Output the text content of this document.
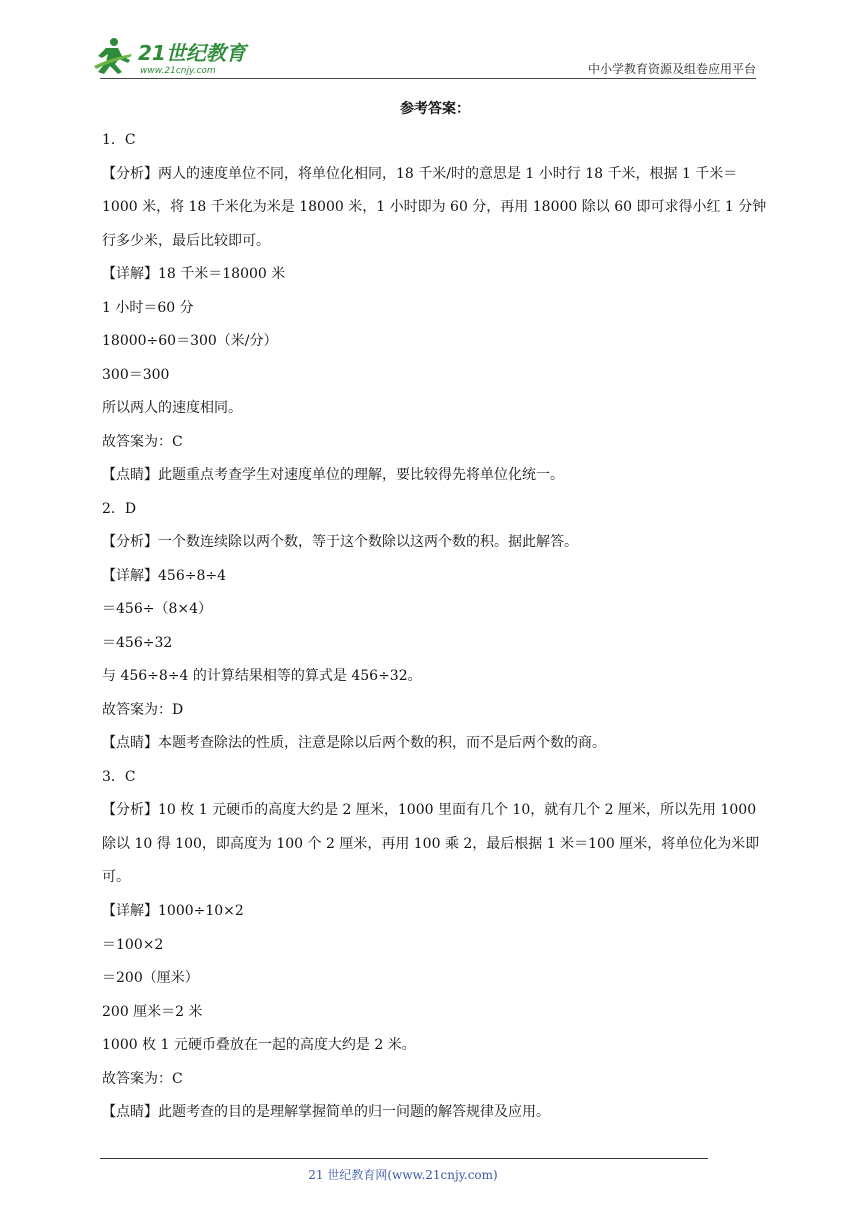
21世纪教育
www.21cnjy.com	中小学教育资源及组卷应用平台
参考答案：
1．C
【分析】两人的速度单位不同，将单位化相同，18 千米/时的意思是 1 小时行 18 千米，根据 1 千米＝1000 米，将 18 千米化为米是 18000 米，1 小时即为 60 分，再用 18000 除以 60 即可求得小红 1 分钟行多少米，最后比较即可。
【详解】18 千米＝18000 米
1 小时＝60 分
18000÷60＝300（米/分）
300＝300
所以两人的速度相同。
故答案为：C
【点睛】此题重点考查学生对速度单位的理解，要比较得先将单位化统一。
2．D
【分析】一个数连续除以两个数，等于这个数除以这两个数的积。据此解答。
【详解】456÷8÷4
＝456÷（8×4）
＝456÷32
与 456÷8÷4 的计算结果相等的算式是 456÷32。
故答案为：D
【点睛】本题考查除法的性质，注意是除以后两个数的积，而不是后两个数的商。
3．C
【分析】10 枚 1 元硬币的高度大约是 2 厘米，1000 里面有几个 10，就有几个 2 厘米，所以先用 1000 除以 10 得 100，即高度为 100 个 2 厘米，再用 100 乘 2，最后根据 1 米＝100 厘米，将单位化为米即可。
【详解】1000÷10×2
＝100×2
＝200（厘米）
200 厘米＝2 米
1000 枚 1 元硬币叠放在一起的高度大约是 2 米。
故答案为：C
【点睛】此题考查的目的是理解掌握简单的归一问题的解答规律及应用。
21 世纪教育网(www.21cnjy.com)
